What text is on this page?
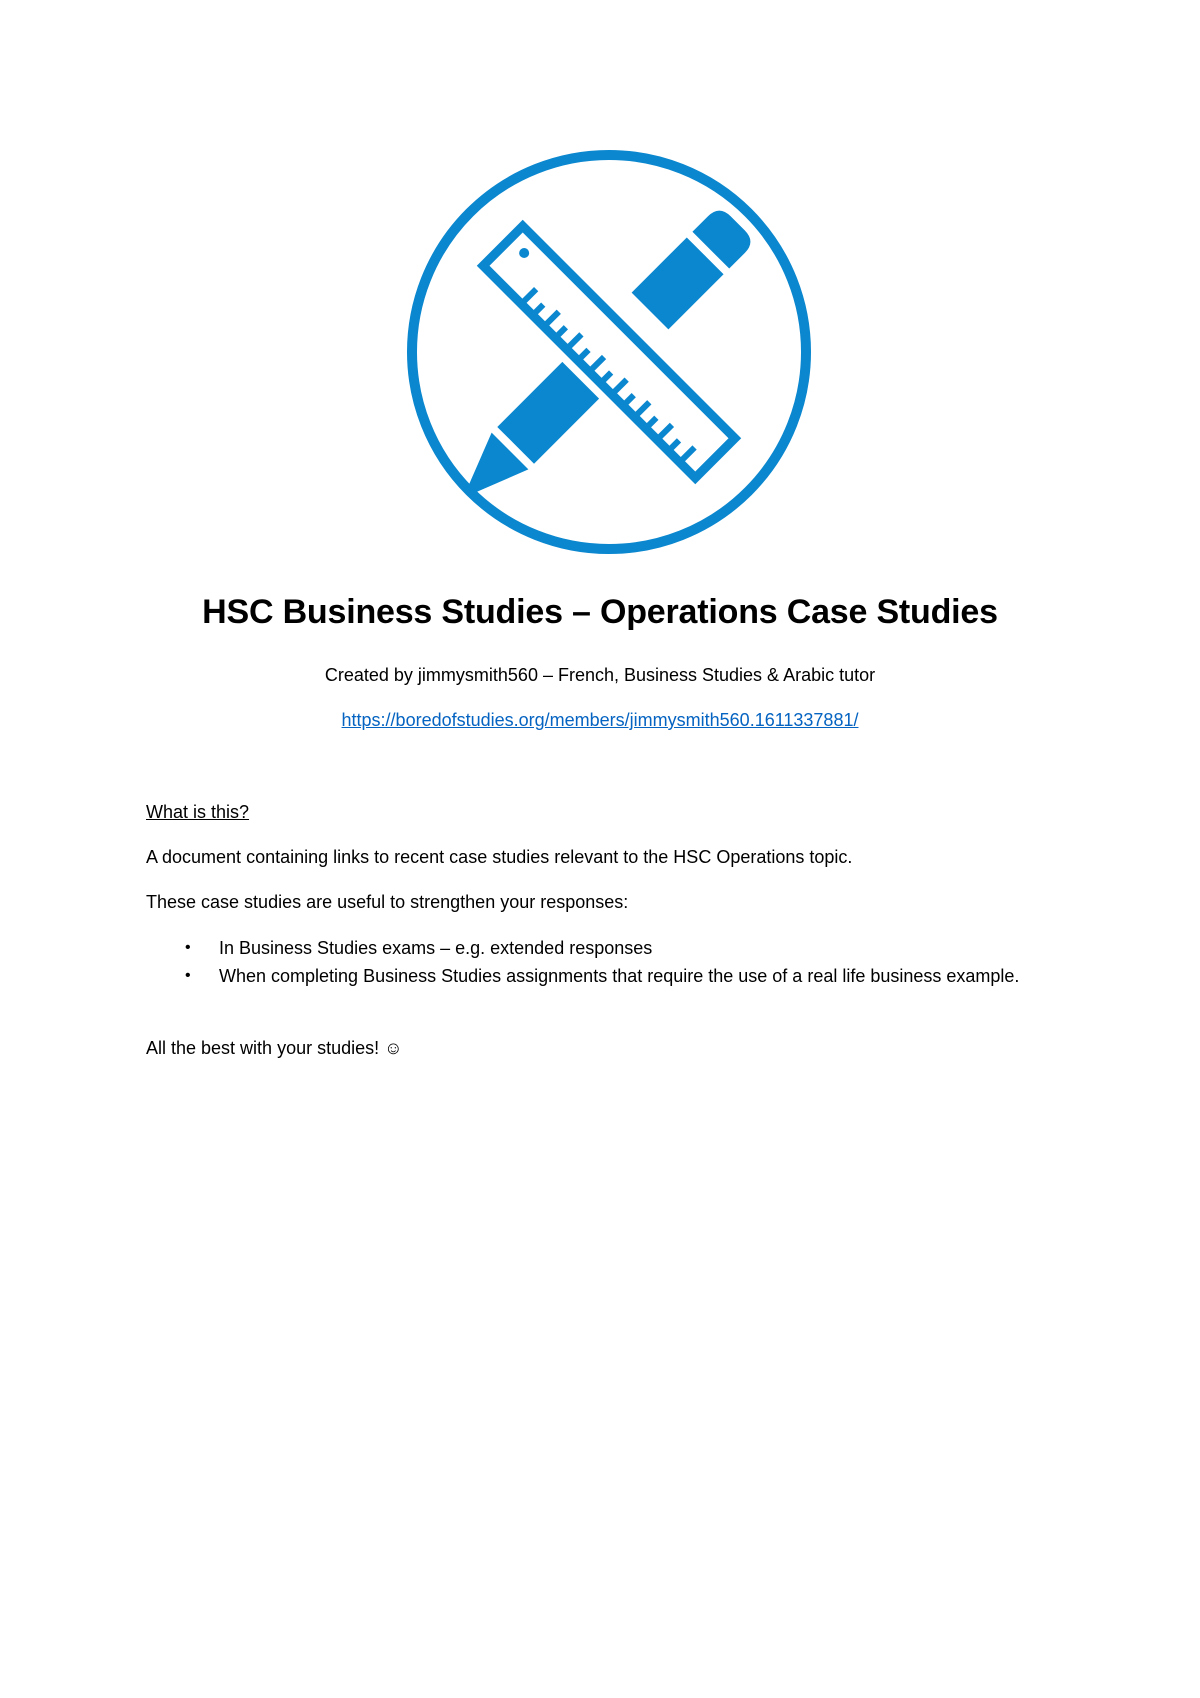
HSC Business Studies – Operations Case Studies
Created by jimmysmith560 – French, Business Studies & Arabic tutor
https://boredofstudies.org/members/jimmysmith560.1611337881/
What is this?
A document containing links to recent case studies relevant to the HSC Operations topic.
These case studies are useful to strengthen your responses:
• In Business Studies exams – e.g. extended responses
• When completing Business Studies assignments that require the use of a real life business example.
All the best with your studies! ☺
